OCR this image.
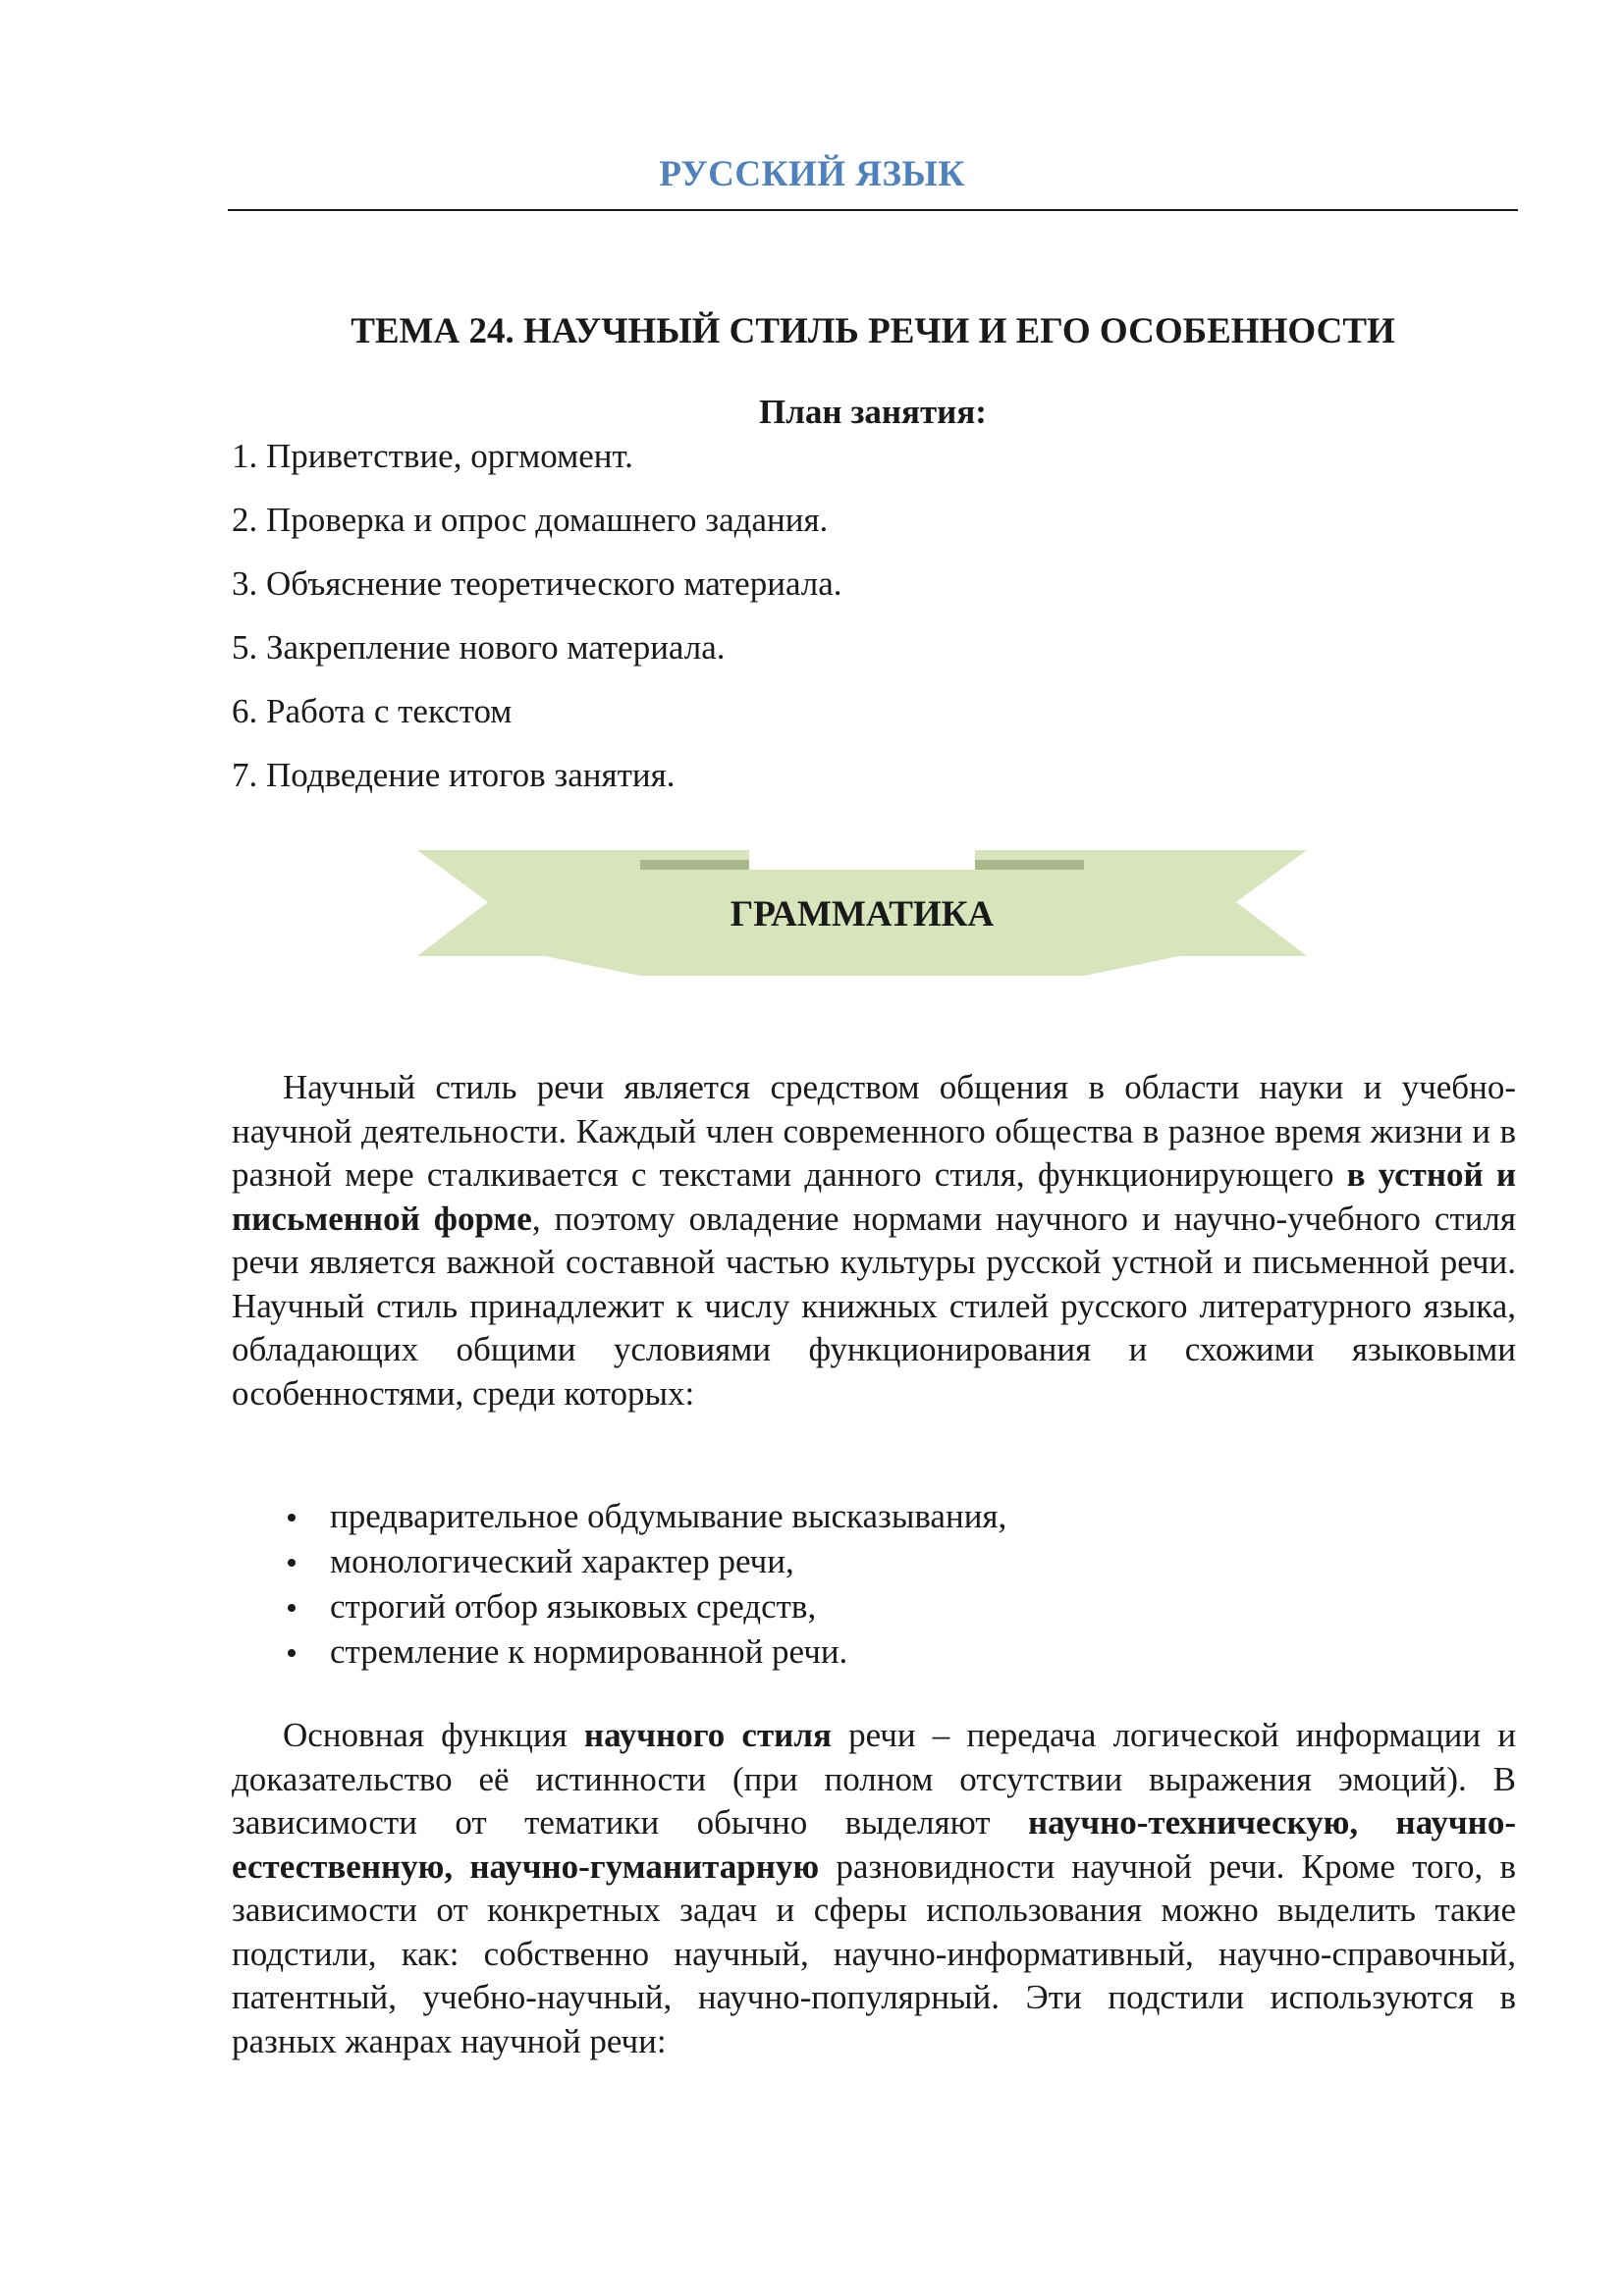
РУССКИЙ ЯЗЫК
ТЕМА 24. НАУЧНЫЙ СТИЛЬ РЕЧИ И ЕГО ОСОБЕННОСТИ
План занятия:
1. Приветствие, оргмомент.
2. Проверка и опрос домашнего задания.
3. Объяснение теоретического материала.
5. Закрепление нового материала.
6. Работа с текстом
7. Подведение итогов занятия.
ГРАММАТИКА

Научный стиль речи является средством общения в области науки и учебно-научной деятельности. Каждый член современного общества в разное время жизни и в разной мере сталкивается с текстами данного стиля, функционирующего в устной и письменной форме, поэтому овладение нормами научного и научно-учебного стиля речи является важной составной частью культуры русской устной и письменной речи. Научный стиль принадлежит к числу книжных стилей русского литературного языка, обладающих общими условиями функционирования и схожими языковыми особенностями, среди которых:

предварительное обдумывание высказывания,
монологический характер речи,
строгий отбор языковых средств,
стремление к нормированной речи.

Основная функция научного стиля речи – передача логической информации и доказательство её истинности (при полном отсутствии выражения эмоций). В зависимости от тематики обычно выделяют научно-техническую, научно-естественную, научно-гуманитарную разновидности научной речи. Кроме того, в зависимости от конкретных задач и сферы использования можно выделить такие подстили, как: собственно научный, научно-информативный, научно-справочный, патентный, учебно-научный, научно-популярный. Эти подстили используются в разных жанрах научной речи:
